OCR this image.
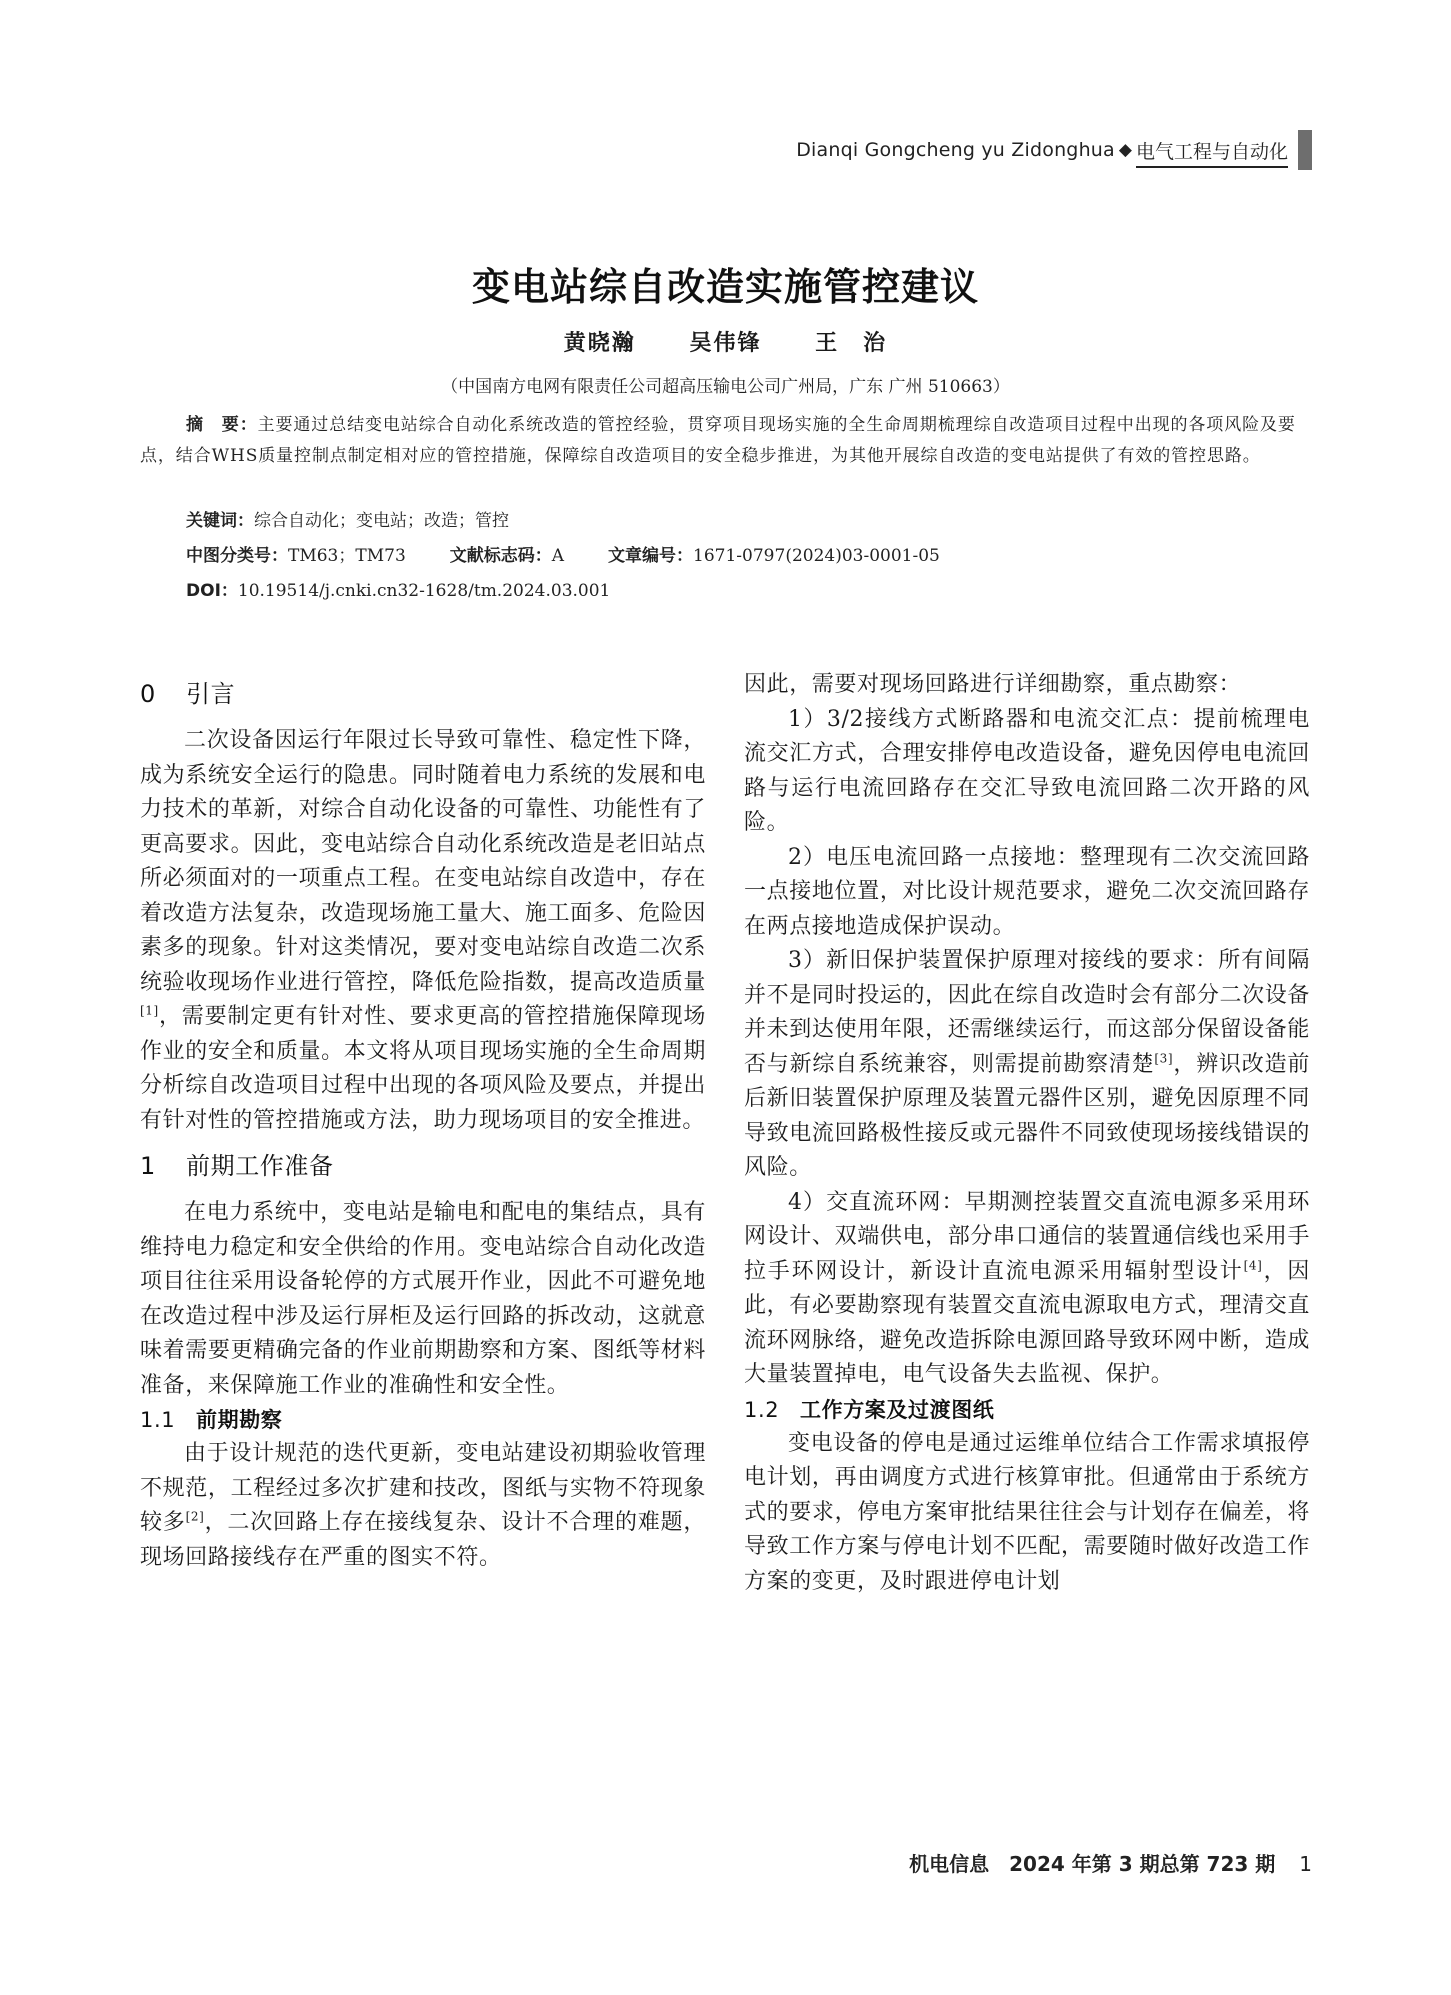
Dianqi Gongcheng yu Zidonghua ◆ 电气工程与自动化
变电站综自改造实施管控建议
黄晓瀚 吴伟锋 王　治
（中国南方电网有限责任公司超高压输电公司广州局，广东 广州 510663）
摘　要：主要通过总结变电站综合自动化系统改造的管控经验，贯穿项目现场实施的全生命周期梳理综自改造项目过程中出现的各项风险及要点，结合WHS质量控制点制定相对应的管控措施，保障综自改造项目的安全稳步推进，为其他开展综自改造的变电站提供了有效的管控思路。
关键词：综合自动化；变电站；改造；管控
中图分类号：TM63；TM73	文献标志码：A	文章编号：1671-0797(2024)03-0001-05
DOI：10.19514/j.cnki.cn32-1628/tm.2024.03.001
0 引言

二次设备因运行年限过长导致可靠性、稳定性下降，成为系统安全运行的隐患。同时随着电力系统的发展和电力技术的革新，对综合自动化设备的可靠性、功能性有了更高要求。因此，变电站综合自动化系统改造是老旧站点所必须面对的一项重点工程。在变电站综自改造中，存在着改造方法复杂，改造现场施工量大、施工面多、危险因素多的现象。针对这类情况，要对变电站综自改造二次系统验收现场作业进行管控，降低危险指数，提高改造质量[1]，需要制定更有针对性、要求更高的管控措施保障现场作业的安全和质量。本文将从项目现场实施的全生命周期分析综自改造项目过程中出现的各项风险及要点，并提出有针对性的管控措施或方法，助力现场项目的安全推进。

1 前期工作准备

在电力系统中，变电站是输电和配电的集结点，具有维持电力稳定和安全供给的作用。变电站综合自动化改造项目往往采用设备轮停的方式展开作业，因此不可避免地在改造过程中涉及运行屏柜及运行回路的拆改动，这就意味着需要更精确完备的作业前期勘察和方案、图纸等材料准备，来保障施工作业的准确性和安全性。

1.1 前期勘察

由于设计规范的迭代更新，变电站建设初期验收管理不规范，工程经过多次扩建和技改，图纸与实物不符现象较多[2]，二次回路上存在接线复杂、设计不合理的难题，现场回路接线存在严重的图实不符。

因此，需要对现场回路进行详细勘察，重点勘察：

1）3/2接线方式断路器和电流交汇点：提前梳理电流交汇方式，合理安排停电改造设备，避免因停电电流回路与运行电流回路存在交汇导致电流回路二次开路的风险。

2）电压电流回路一点接地：整理现有二次交流回路一点接地位置，对比设计规范要求，避免二次交流回路存在两点接地造成保护误动。

3）新旧保护装置保护原理对接线的要求：所有间隔并不是同时投运的，因此在综自改造时会有部分二次设备并未到达使用年限，还需继续运行，而这部分保留设备能否与新综自系统兼容，则需提前勘察清楚[3]，辨识改造前后新旧装置保护原理及装置元器件区别，避免因原理不同导致电流回路极性接反或元器件不同致使现场接线错误的风险。

4）交直流环网：早期测控装置交直流电源多采用环网设计、双端供电，部分串口通信的装置通信线也采用手拉手环网设计，新设计直流电源采用辐射型设计[4]，因此，有必要勘察现有装置交直流电源取电方式，理清交直流环网脉络，避免改造拆除电源回路导致环网中断，造成大量装置掉电，电气设备失去监视、保护。

1.2 工作方案及过渡图纸

变电设备的停电是通过运维单位结合工作需求填报停电计划，再由调度方式进行核算审批。但通常由于系统方式的要求，停电方案审批结果往往会与计划存在偏差，将导致工作方案与停电计划不匹配，需要随时做好改造工作方案的变更，及时跟进停电计划

机电信息　2024 年第 3 期总第 723 期 1
